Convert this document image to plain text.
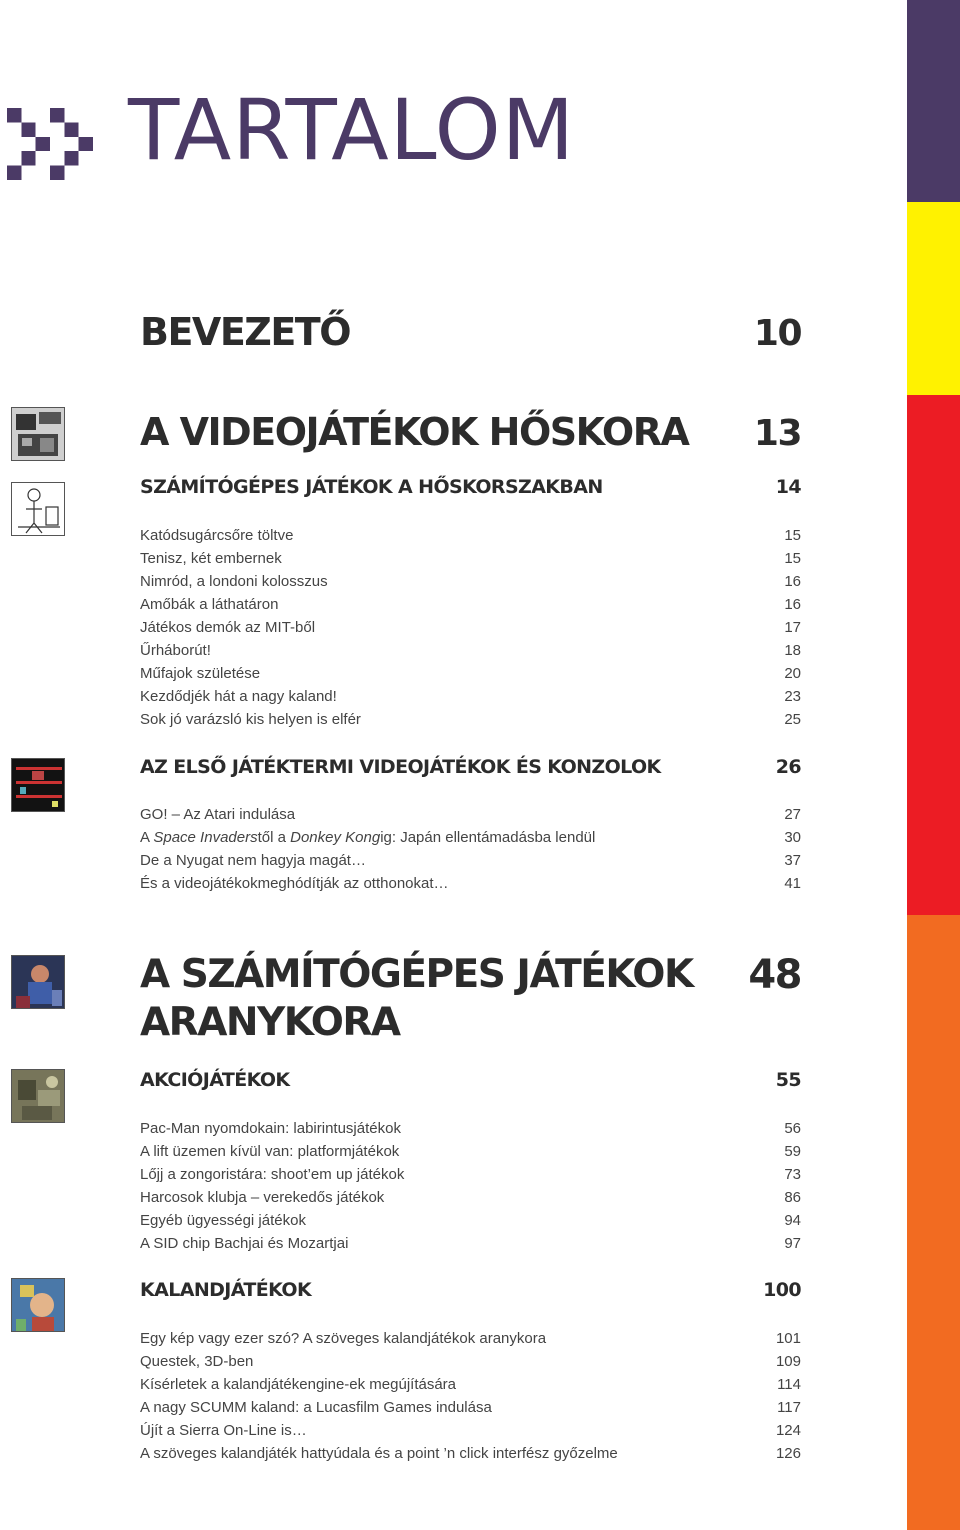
TARTALOM
BEVEZETŐ	10
A VIDEOJÁTÉKOK HŐSKORA 13
SZÁMÍTÓGÉPES JÁTÉKOK A HŐSKORSZAKBAN	14
Katódsugárcsőre töltve	15
Tenisz, két embernek	15
Nimród, a londoni kolosszus	16
Amőbák a láthatáron	16
Játékos demók az MIT-ből	17
Űrháborút!	18
Műfajok születése	20
Kezdődjék hát a nagy kaland!	23
Sok jó varázsló kis helyen is elfér	25
AZ ELSŐ JÁTÉKTERMI VIDEOJÁTÉKOK ÉS KONZOLOK	26
GO! – Az Atari indulása	27
A Space Invaderstől a Donkey Kongig: Japán ellentámadásba lendül	30
De a Nyugat nem hagyja magát…	37
És a videojátékokmeghódítják az otthonokat…	41
A SZÁMÍTÓGÉPES JÁTÉKOK
ARANYKORA
48
AKCIÓJÁTÉKOK	55
Pac-Man nyomdokain: labirintusjátékok	56
A lift üzemen kívül van: platformjátékok	59
Lőjj a zongoristára: shoot’em up játékok	73
Harcosok klubja – verekedős játékok	86
Egyéb ügyességi játékok	94
A SID chip Bachjai és Mozartjai	97
KALANDJÁTÉKOK	100
Egy kép vagy ezer szó? A szöveges kalandjátékok aranykora	101
Questek, 3D-ben	109
Kísérletek a kalandjátékengine-ek megújítására	114
A nagy SCUMM kaland: a Lucasfilm Games indulása	117
Újít a Sierra On-Line is…	124
A szöveges kalandjáték hattyúdala és a point ’n click interfész győzelme	126
